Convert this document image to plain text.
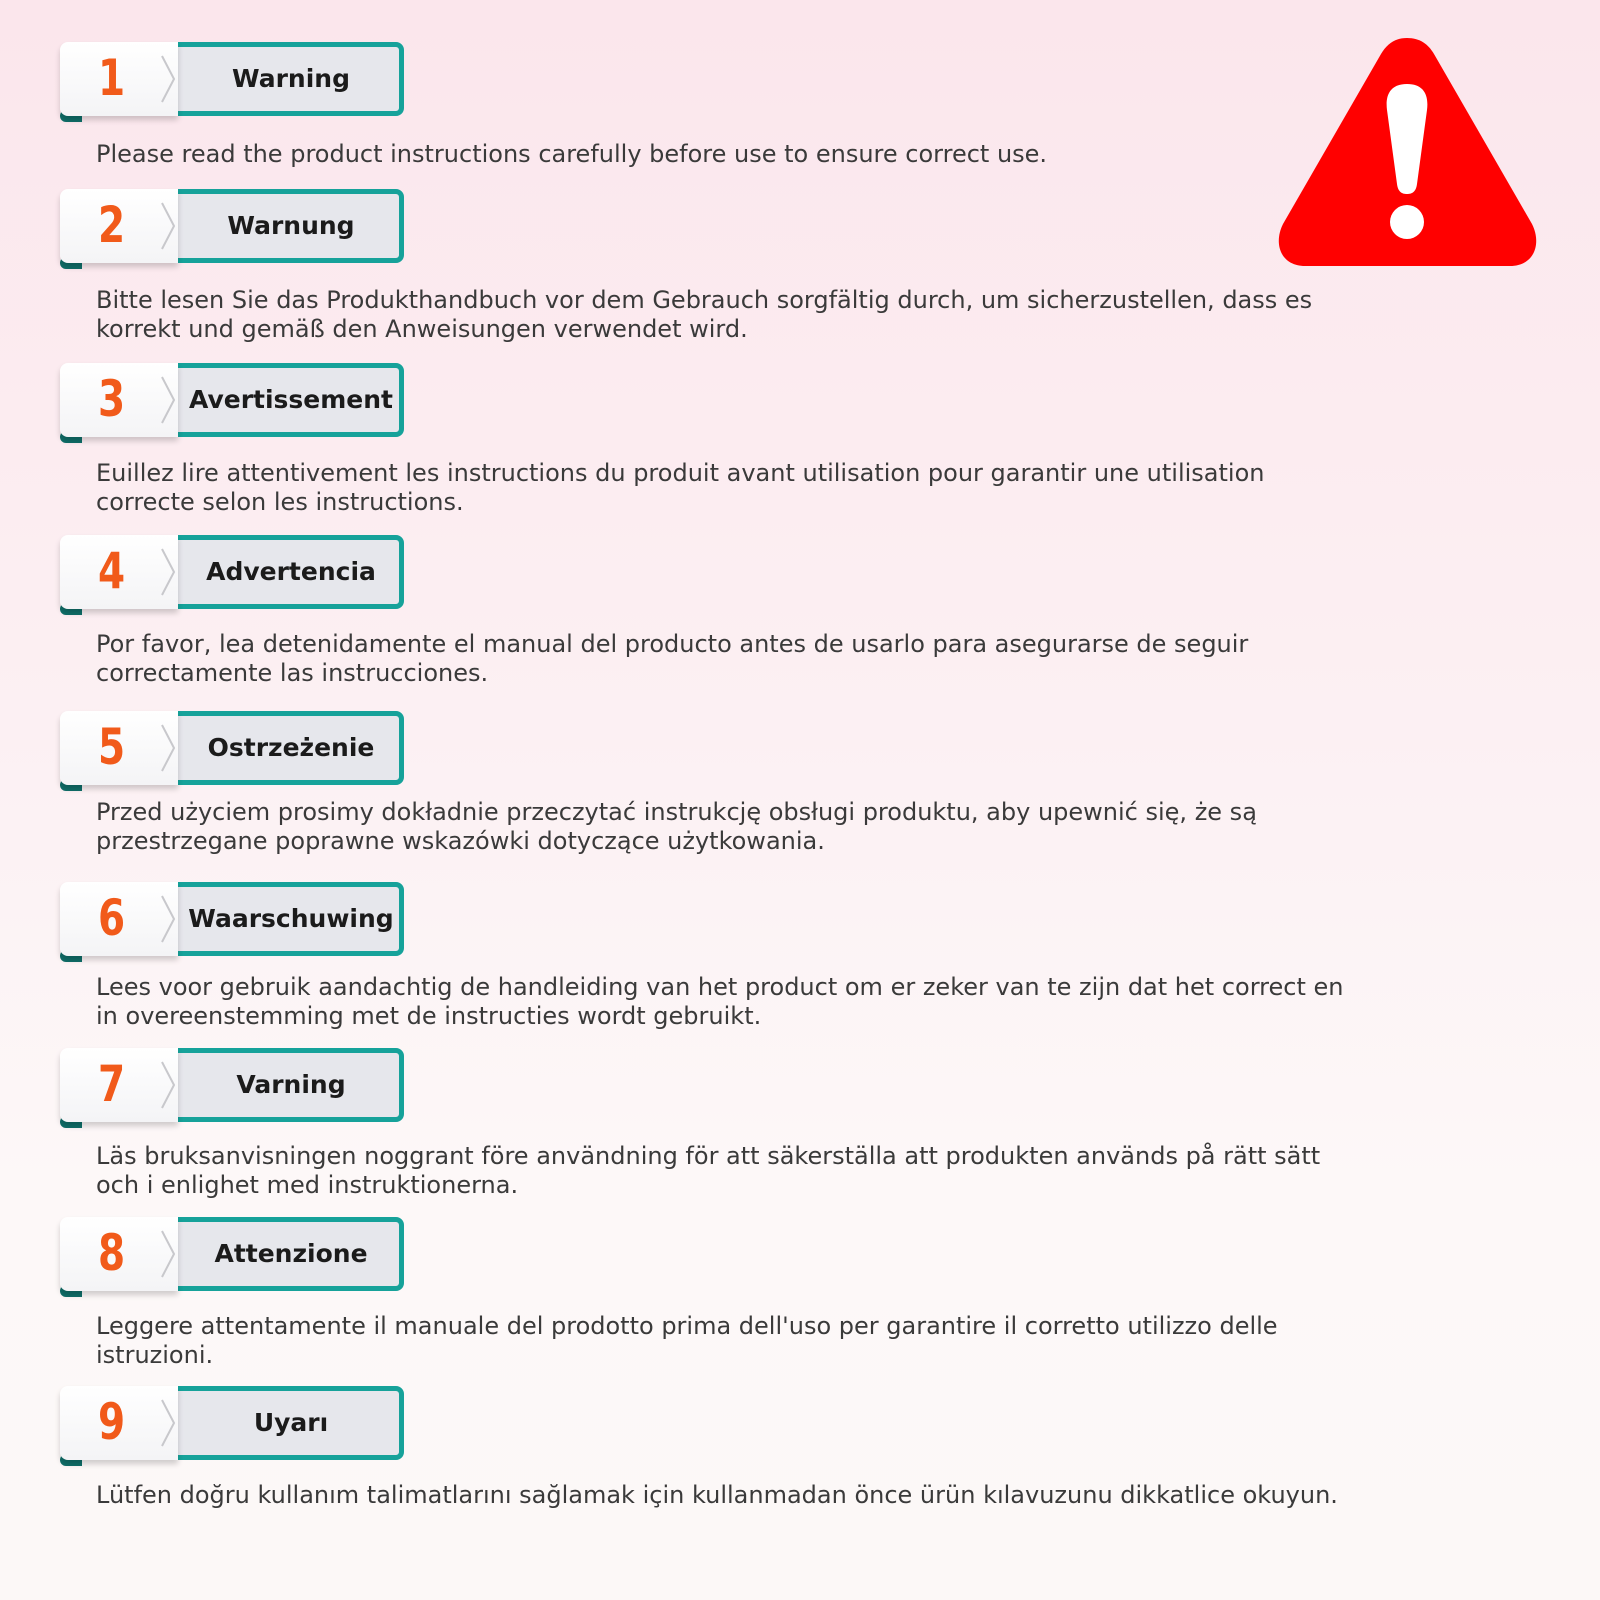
1	Warning
Please read the product instructions carefully before use to ensure correct use.
2	Warnung
Bitte lesen Sie das Produkthandbuch vor dem Gebrauch sorgfältig durch, um sicherzustellen, dass es korrekt und gemäß den Anweisungen verwendet wird.
3	Avertissement
Euillez lire attentivement les instructions du produit avant utilisation pour garantir une utilisation correcte selon les instructions.
4	Advertencia
Por favor, lea detenidamente el manual del producto antes de usarlo para asegurarse de seguir correctamente las instrucciones.
5	Ostrzeżenie
Przed użyciem prosimy dokładnie przeczytać instrukcję obsługi produktu, aby upewnić się, że są przestrzegane poprawne wskazówki dotyczące użytkowania.
6	Waarschuwing
Lees voor gebruik aandachtig de handleiding van het product om er zeker van te zijn dat het correct en in overeenstemming met de instructies wordt gebruikt.
7	Varning
Läs bruksanvisningen noggrant före användning för att säkerställa att produkten används på rätt sätt och i enlighet med instruktionerna.
8	Attenzione
Leggere attentamente il manuale del prodotto prima dell'uso per garantire il corretto utilizzo delle istruzioni.
9	Uyarı
Lütfen doğru kullanım talimatlarını sağlamak için kullanmadan önce ürün kılavuzunu dikkatlice okuyun.
